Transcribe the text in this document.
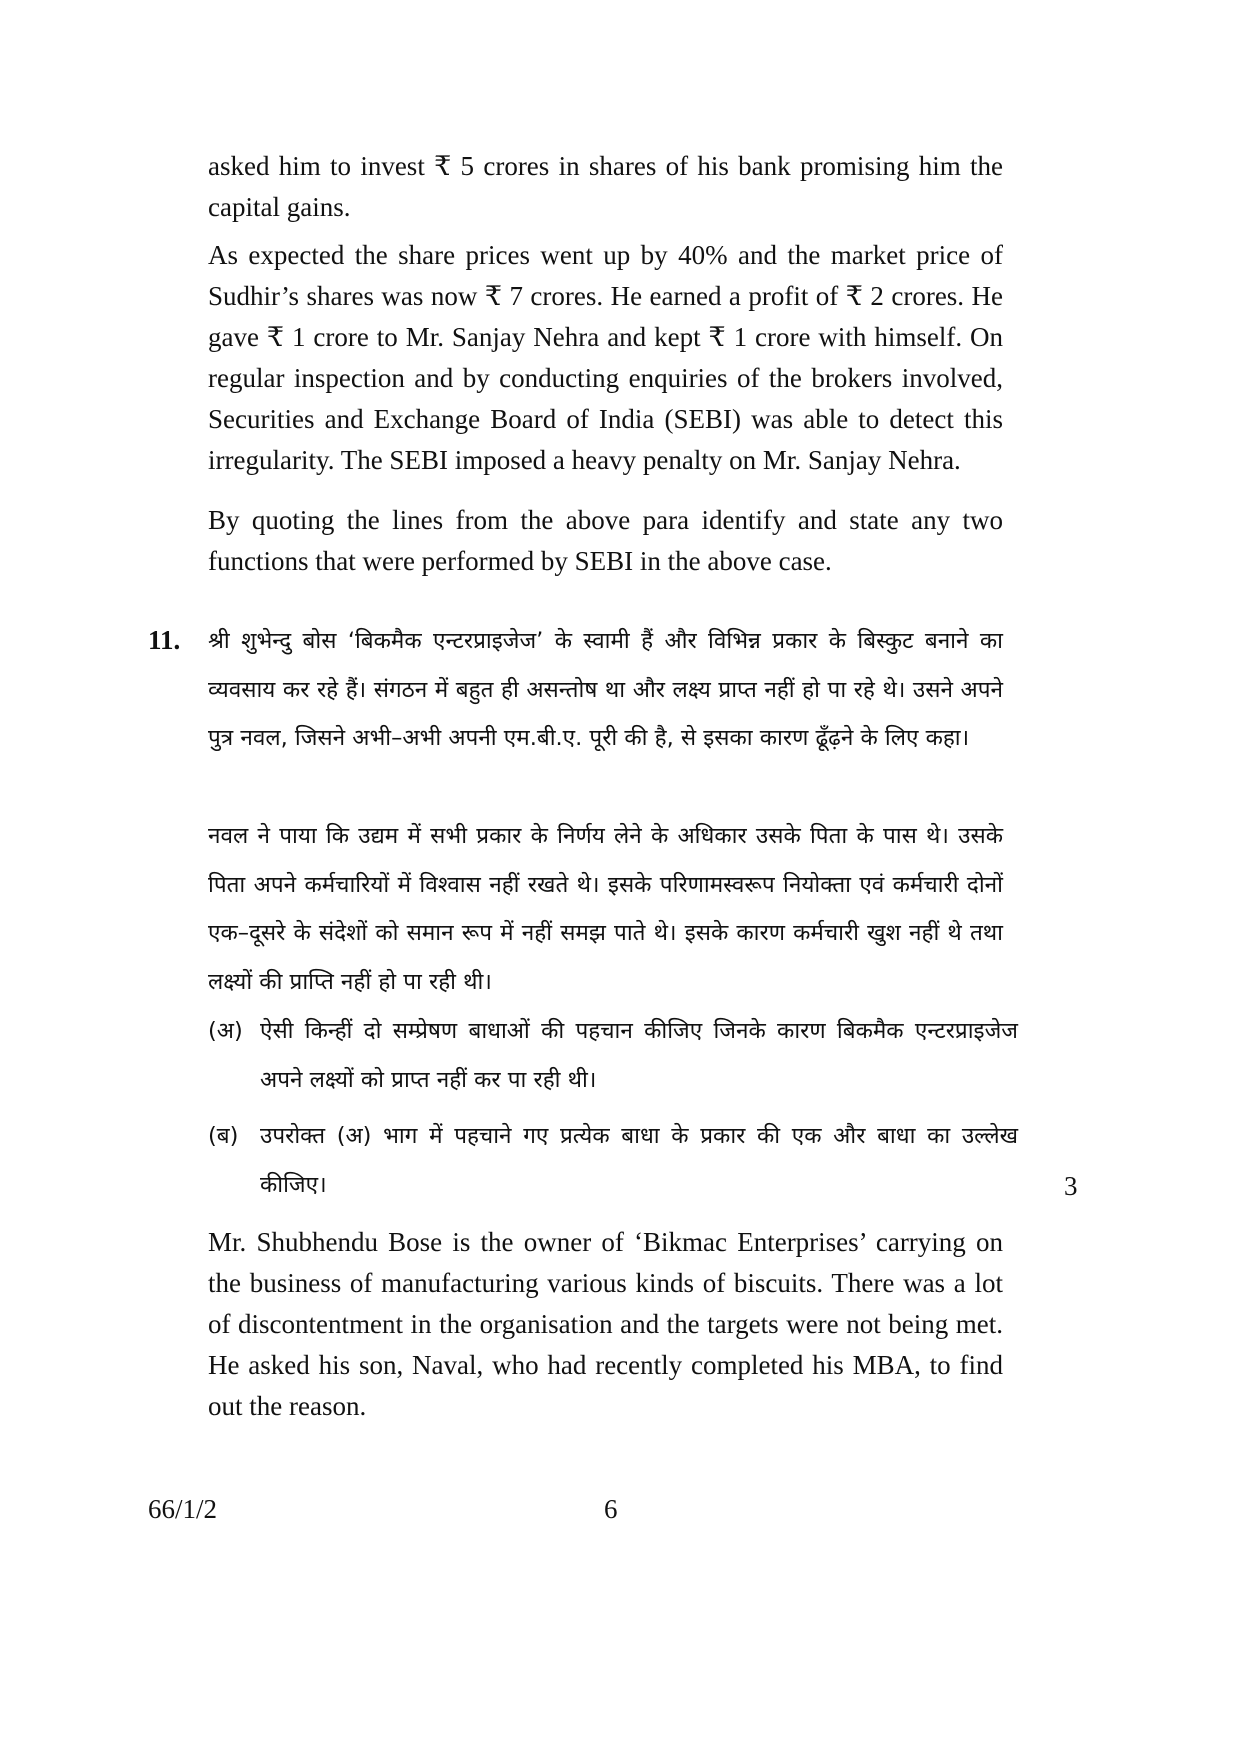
asked him to invest ₹ 5 crores in shares of his bank promising him the capital gains.

As expected the share prices went up by 40% and the market price of Sudhir’s shares was now ₹ 7 crores. He earned a profit of ₹ 2 crores. He gave ₹ 1 crore to Mr. Sanjay Nehra and kept ₹ 1 crore with himself. On regular inspection and by conducting enquiries of the brokers involved, Securities and Exchange Board of India (SEBI) was able to detect this irregularity. The SEBI imposed a heavy penalty on Mr. Sanjay Nehra.

By quoting the lines from the above para identify and state any two functions that were performed by SEBI in the above case.

11. श्री शुभेन्दु बोस ‘बिकमैक एन्टरप्राइजेज’ के स्वामी हैं और विभिन्न प्रकार के बिस्कुट बनाने का व्यवसाय कर रहे हैं। संगठन में बहुत ही असन्तोष था और लक्ष्य प्राप्त नहीं हो पा रहे थे। उसने अपने पुत्र नवल, जिसने अभी–अभी अपनी एम.बी.ए. पूरी की है, से इसका कारण ढूँढ़ने के लिए कहा।

नवल ने पाया कि उद्यम में सभी प्रकार के निर्णय लेने के अधिकार उसके पिता के पास थे। उसके पिता अपने कर्मचारियों में विश्वास नहीं रखते थे। इसके परिणामस्वरूप नियोक्ता एवं कर्मचारी दोनों एक–दूसरे के संदेशों को समान रूप में नहीं समझ पाते थे। इसके कारण कर्मचारी खुश नहीं थे तथा लक्ष्यों की प्राप्ति नहीं हो पा रही थी।

(अ) ऐसी किन्हीं दो सम्प्रेषण बाधाओं की पहचान कीजिए जिनके कारण बिकमैक एन्टरप्राइजेज अपने लक्ष्यों को प्राप्त नहीं कर पा रही थी।
(ब) उपरोक्त (अ) भाग में पहचाने गए प्रत्येक बाधा के प्रकार की एक और बाधा का उल्लेख कीजिए।	3

Mr. Shubhendu Bose is the owner of ‘Bikmac Enterprises’ carrying on the business of manufacturing various kinds of biscuits. There was a lot of discontentment in the organisation and the targets were not being met. He asked his son, Naval, who had recently completed his MBA, to find out the reason.

66/1/2	6
